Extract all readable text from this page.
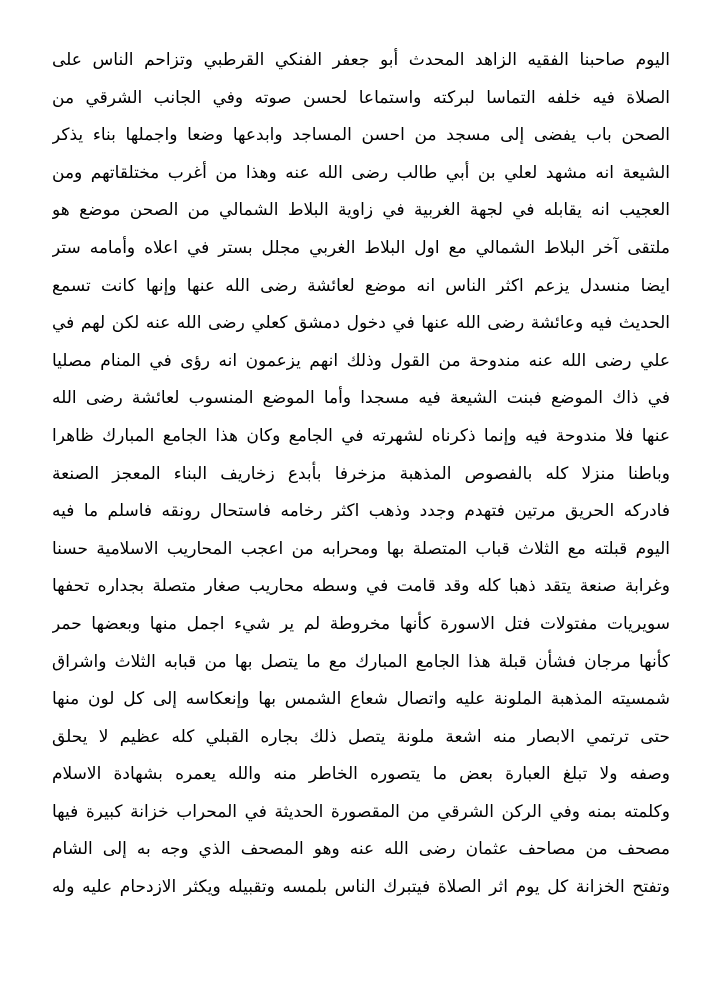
اليوم صاحبنا الفقيه الزاهد المحدث أبو جعفر الفنكي القرطبي وتزاحم الناس على
الصلاة فيه خلفه التماسا لبركته واستماعا لحسن صوته وفي الجانب الشرقي من
الصحن باب يفضى إلى مسجد من احسن المساجد وابدعها وضعا واجملها بناء يذكر
الشيعة انه مشهد لعلي بن أبي طالب رضى الله عنه وهذا من أغرب مختلقاتهم ومن
العجيب انه يقابله في لجهة الغربية في زاوية البلاط الشمالي من الصحن موضع هو
ملتقى آخر البلاط الشمالي مع اول البلاط الغربي مجلل بستر في اعلاه وأمامه ستر
ايضا منسدل يزعم اكثر الناس انه موضع لعائشة رضى الله عنها وإنها كانت تسمع
الحديث فيه وعائشة رضى الله عنها في دخول دمشق كعلي رضى الله عنه لكن لهم في
علي رضى الله عنه مندوحة من القول وذلك انهم يزعمون انه رؤى في المنام مصليا
في ذاك الموضع فبنت الشيعة فيه مسجدا وأما الموضع المنسوب لعائشة رضى الله
عنها فلا مندوحة فيه وإنما ذكرناه لشهرته في الجامع وكان هذا الجامع المبارك ظاهرا
وباطنا منزلا كله بالفصوص المذهبة مزخرفا بأبدع زخاريف البناء المعجز الصنعة
فادركه الحريق مرتين فتهدم وجدد وذهب اكثر رخامه فاستحال رونقه فاسلم ما فيه
اليوم قبلته مع الثلاث قباب المتصلة بها ومحرابه من اعجب المحاريب الاسلامية حسنا
وغرابة صنعة يتقد ذهبا كله وقد قامت في وسطه محاريب صغار متصلة بجداره تحفها
سويريات مفتولات فتل الاسورة كأنها مخروطة لم ير شيء اجمل منها وبعضها حمر
كأنها مرجان فشأن قبلة هذا الجامع المبارك مع ما يتصل بها من قبابه الثلاث واشراق
شمسيته المذهبة الملونة عليه واتصال شعاع الشمس بها وإنعكاسه إلى كل لون منها
حتى ترتمي الابصار منه اشعة ملونة يتصل ذلك بجاره القبلي كله عظيم لا يحلق
وصفه ولا تبلغ العبارة بعض ما يتصوره الخاطر منه والله يعمره بشهادة الاسلام
وكلمته بمنه وفي الركن الشرقي من المقصورة الحديثة في المحراب خزانة كبيرة فيها
مصحف من مصاحف عثمان رضى الله عنه وهو المصحف الذي وجه به إلى الشام
وتفتح الخزانة كل يوم اثر الصلاة فيتبرك الناس بلمسه وتقبيله ويكثر الازدحام عليه وله
